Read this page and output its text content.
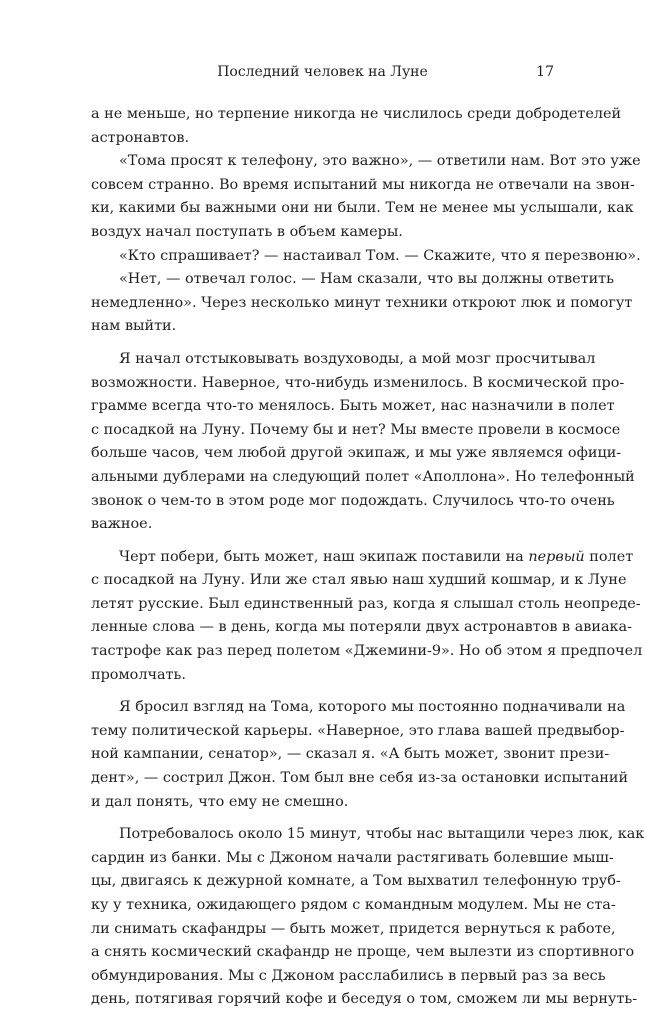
Последний человек на Луне	17

а не меньше, но терпение никогда не числилось среди добродетелей
астронавтов.

«Тома просят к телефону, это важно», — ответили нам. Вот это уже
совсем странно. Во время испытаний мы никогда не отвечали на звон-
ки, какими бы важными они ни были. Тем не менее мы услышали, как
воздух начал поступать в объем камеры.

«Кто спрашивает? — настаивал Том. — Скажите, что я перезвоню».

«Нет, — отвечал голос. — Нам сказали, что вы должны ответить
немедленно». Через несколько минут техники откроют люк и помогут
нам выйти.

Я начал отстыковывать воздуховоды, а мой мозг просчитывал
возможности. Наверное, что-нибудь изменилось. В космической про-
грамме всегда что-то менялось. Быть может, нас назначили в полет
с посадкой на Луну. Почему бы и нет? Мы вместе провели в космосе
больше часов, чем любой другой экипаж, и мы уже являемся офици-
альными дублерами на следующий полет «Аполлона». Но телефонный
звонок о чем-то в этом роде мог подождать. Случилось что-то очень
важное.

Черт побери, быть может, наш экипаж поставили на первый полет
с посадкой на Луну. Или же стал явью наш худший кошмар, и к Луне
летят русские. Был единственный раз, когда я слышал столь неопреде-
ленные слова — в день, когда мы потеряли двух астронавтов в авиака-
тастрофе как раз перед полетом «Джемини-9». Но об этом я предпочел
промолчать.

Я бросил взгляд на Тома, которого мы постоянно подначивали на
тему политической карьеры. «Наверное, это глава вашей предвыбор-
ной кампании, сенатор», — сказал я. «А быть может, звонит прези-
дент», — сострил Джон. Том был вне себя из-за остановки испытаний
и дал понять, что ему не смешно.

Потребовалось около 15 минут, чтобы нас вытащили через люк, как
сардин из банки. Мы с Джоном начали растягивать болевшие мыш-
цы, двигаясь к дежурной комнате, а Том выхватил телефонную труб-
ку у техника, ожидающего рядом с командным модулем. Мы не ста-
ли снимать скафандры — быть может, придется вернуться к работе,
а снять космический скафандр не проще, чем вылезти из спортивного
обмундирования. Мы с Джоном расслабились в первый раз за весь
день, потягивая горячий кофе и беседуя о том, сможем ли мы вернуть-
